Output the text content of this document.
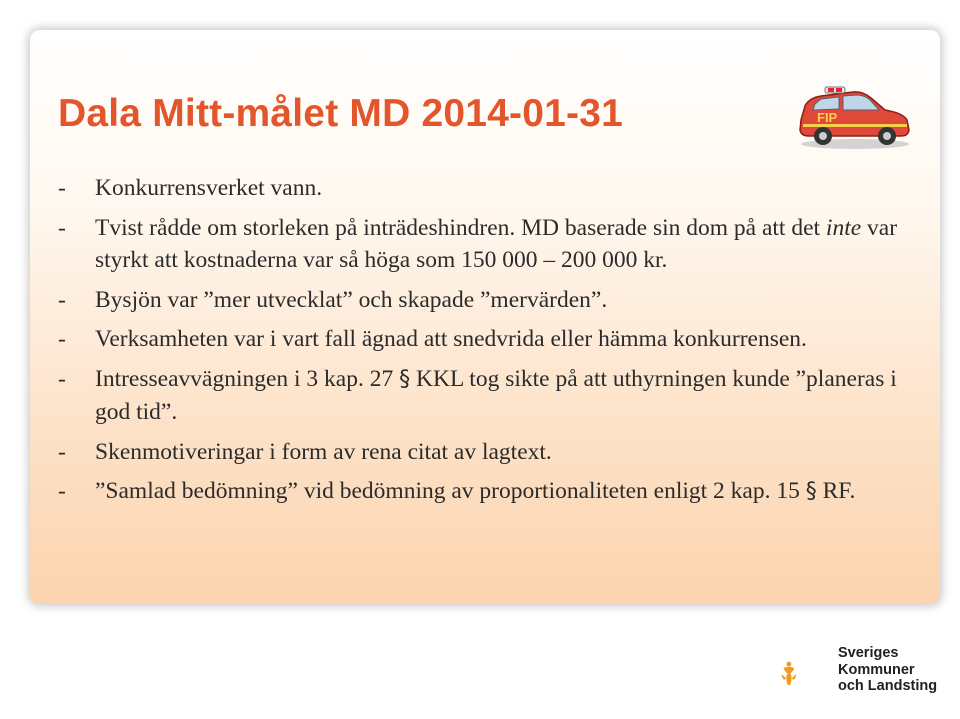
Dala Mitt-målet MD 2014-01-31	FIP
- Konkurrensverket vann.
- Tvist rådde om storleken på inträdeshindren. MD baserade sin dom på att det inte var styrkt att kostnaderna var så höga som 150 000 – 200 000 kr.
- Bysjön var ”mer utvecklat” och skapade ”mervärden”.
- Verksamheten var i vart fall ägnad att snedvrida eller hämma konkurrensen.
- Intresseavvägningen i 3 kap. 27 § KKL tog sikte på att uthyrningen kunde ”planeras i god tid”.
- Skenmotiveringar i form av rena citat av lagtext.
- ”Samlad bedömning” vid bedömning av proportionaliteten enligt 2 kap. 15 § RF.
Sveriges
Kommuner
och Landsting
